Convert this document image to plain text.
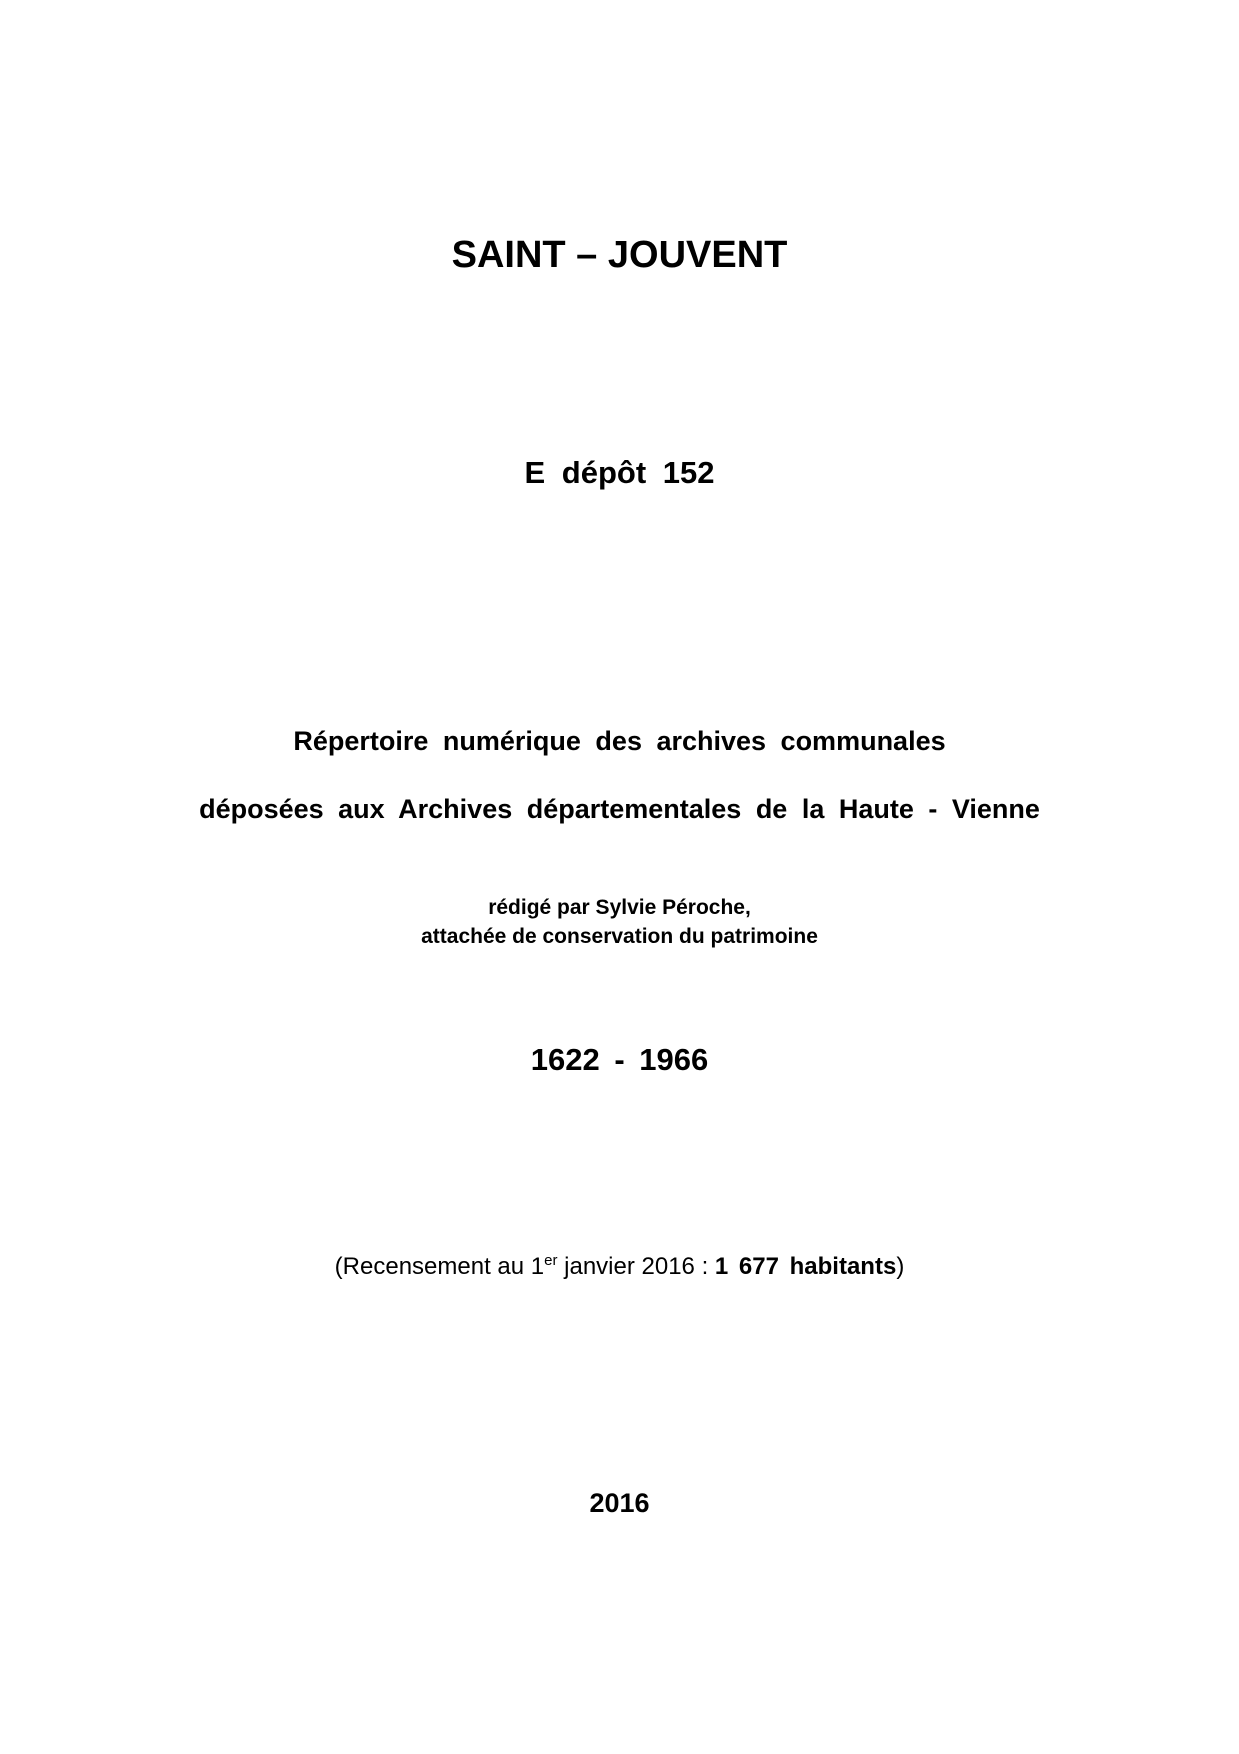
SAINT – JOUVENT

E dépôt 152

Répertoire numérique des archives communales

déposées aux Archives départementales de la Haute - Vienne

rédigé par Sylvie Péroche,

attachée de conservation du patrimoine

1622 - 1966

(Recensement au 1er janvier 2016 : 1 677 habitants)

2016
